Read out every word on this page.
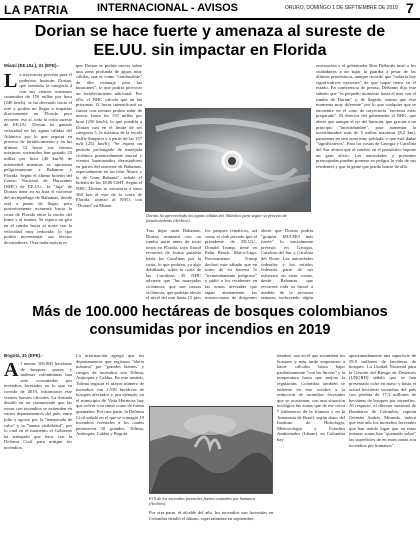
LA PATRIA	INTERNACIONAL - AVISOS	ORURO, DOMINGO 1 DE SEPTIEMBRE DE 2019 7
Dorian se hace fuerte y amenaza al sureste de EE.UU. sin impactar en Florida
Miami (EE.UU.), 31 (EFE).-
La trayectoria prevista para el poderoso huracán Dorian, que continúa la categoría 4 con sus vientos máximos sostenidos de 150 millas por hora (240 km/h), se ha desviado hacia el este y podría no llegar a impactar directamente en Florida pero recorrer, eso sí, toda la costa sureste de EE.UU. Dorian ha ganado velocidad en las aguas cálidas del Atlántico por lo que seguirá en proceso de fortalecimiento y en las últimas 12 horas sus vientos máximos sostenidos han ganado 25 millas por hora (40 km/h) de intensidad mientras se aproxima peligrosamente a Bahamas y Florida. Según el último boletín del Centro Nacional de Huracanes (NHC) de EE.UU., la "faja" de Dorian tiene en su lista el noroeste del archipiélago de Bahamas, donde está a punto de llegar, pero posteriormente avanzará hacia la costa de Florida entre la noche del lunes y el martes. Se espera un giro en el rumbo hacia el norte con la velocidad muy reducida, lo que podría incrementar sus efectos devastadores. Otra mala noticia es
que Dorian se podría mover sobre una zona profunda de aguas muy cálidas, que es como "combustible" de alto octanaje para los huracanes", lo que podría provocar un fortalecimiento adicional. Por ello, el NHC calcula que en las próximas 12 horas intensificará su fuerza con vientos podría subir de nuevo, hasta los 155 millas por hora (250 km/h), lo que pondría a Dorian casi en el límite de ser categoría 5, la máxima de la escala Saffir-Simpson y a partir de las 157 m/h (252 km/h). "Se espera un periodo prolongado de marejada ciclónica potencialmente mortal y vientos huracanados devastadores en partes del noroeste de Bahamas, especialmente en las islas Ábaco y la de Gran Bahama", señaló el boletín de las 18.00 GMT. Según el NHC, Dorian se encuentra a unos 360 km al este de la costa de Florida, avanzó al NNO, con "Dorian" en Miami.
Dorian ha aprovechado las aguas cálidas del Atlántico para seguir su proceso de fortalecimiento (Archivo).
Tras dejar atrás Bahamas, Dorian avanzará con un rumbo norte antes de tocar tierra en Florida, rayo litoral recorrerá de forma paralela hasta las Carolinas por la costa, lo que podrían, ya algo debilitado, sobre la costa de las Carolinas. El NHC advierte que "las marejadas ciclónicas, que son causas ciclónicas, que podrían elevar el nivel del mar hasta 15 pies
los parques temáticos, así como el club privado que el presidente de EE.UU., Donald Trump, tiene en Palm Beach, Mar-a-Lago. Precisamente, Trump declaró este sábado que en torno de su barrera lo "tremendamente peligroso" y pidió a los residentes en las zonas afectadas que sigan atentamente las instrucciones de dirigentes
alertó que Dorian podría "golpear MUCHO más fuerte" lo inicialmente previsto en Georgia, Carolina del Sur y Carolina del Norte. Las autoridades federales y los estados federales parte de sus esfuerzos en estas costas, desde Bahamas que recorrerá toda su litoral a medida de la próxima semana, incluyendo algún
evacuación y el gobernador Ron DeSantis instó a los ciudadanos a no bajar la guardia a pesar de los últimos pronósticos, aunque recordó que "todavía hay significativas opciones" de que toque tierra en el estado. En conferencia de prensa, DeSantis dijo este sábado que "es pequeño momento hasta el mes con el rumbo de Dorian" y, de llegado, estima que este momento muy diferente" por lo que cualquier que se encuentre en el cono de trayectoria "necesita estar preparado". El director del gobernador al NHC, que alertó que aunque el eje del huracán, que gracias a un principio "incertidumbre", para aumentar la incertidumbre más de 5 millas máximas (8,2 km), panorama en una zona muy poblada, o que está dañar "significativos". Para las costas de Georgia y Carolina del Sur afirma que el cambio en el pronóstico supone un gran alivio. Las autoridades y presentes preocupadas pueden ponerse en peligro la vida de sus residentes y que la gente que pueda huirse de allá.
Más de 100.000 hectáreas de bosques colombianos consumidas por incendios en 2019
Bogotá, 31 (EFE).-
Al menos 105.000 hectáreas de bosques, pastos y malezas colombianas han sido consumidas por incendios forestales en lo que va corrido de 2019, informaron este viernes fuentes oficiales. La Armada detalló en un comunicado que las zonas con incendios se extienden en varios departamentos del país, entre julio y agosto por la "temporada de calor" y la "buena visibilidad", por lo cual en el momento el Gobierno ha trabajado que hace con la Defensa Civil para mitigar los incendios.
La información agregó que los departamentos que registran "alerta máxima" por "grandes fuentes" y riesgos de incendios son Tolima, Antioquia y Caldas. En este sentido, Tolima registra el mayor número de incendios con 2.530 hectáreas de bosques afectados y, por ejemplo, en el municipio de Vista Hermosa hay que volver a su ritmo como de forma quemadas. Por otra parte, la Defensa Civil señaló en el que se contagió 19 incendios forestales a los cuales pertenecen 50 grandes: Tolima, Antioquia, Caldas y Bogotá.
El 9 de los incendios forestales fueron causados por humanos (Archivo).
Por otra parte, el alcalde del año, los incendios son forestales en Colombia detalló el último, especialmente en septiembre,
tiembre, uso en el que sucumben los bosques y más tarde empezaron a hacer cálculos hasta bajar paulatinamente "con las lluvias" y la temperatura hasta que mejore la regulación. Colombia también se enfrenta en este octubre a la reducción de incendios forestales que se ocasionan, con una situación ecológica las zonas que de ese cerca 7 kilómetros de la frontera y en la Amazonía de Brasil, según datos del Instituto de Hidrología, Meteorología y Estudios Ambientales (Ideam), en Colombia hay
aproximadamente una superficie de 59,9 millones de hectáreas de bosques. La Unidad Nacional para la Gestión del Riesgo de Desastres (UNGRD) señaló que se han presentado ocho en mayo y hasta el actual hectáreas incendios del país con pérdida de 17,3 millones de hectáreas de bosques por incendios. Al respecto, el director nacional de Bomberos de Colombia, capitán Germán Andrés Miranda, indicó que este año los incendios forestales que han tenido lugar que en estas mismas zonas han "quemado sobre" las superficies de en estas zonas son incendios por humanos".
